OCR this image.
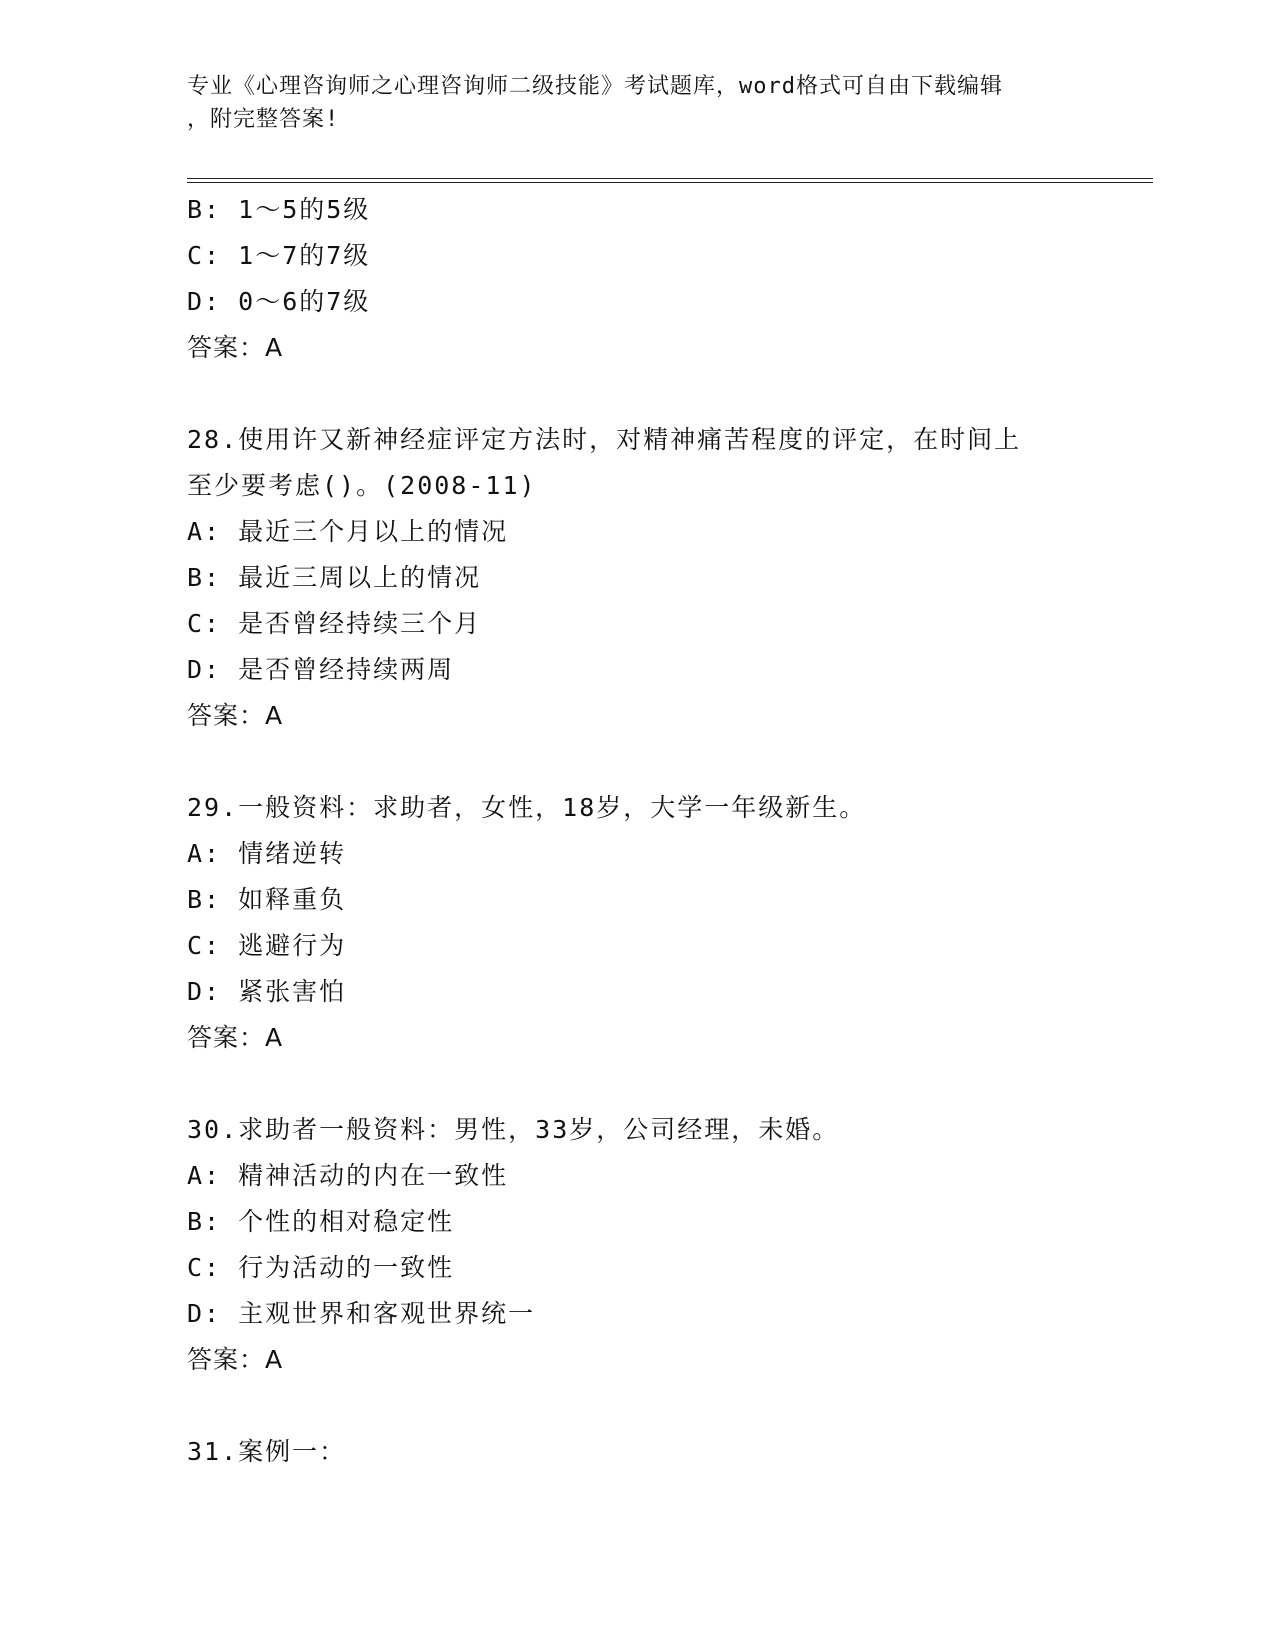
专业《心理咨询师之心理咨询师二级技能》考试题库，word格式可自由下载编辑
，附完整答案!
B: 1～5的5级
C: 1～7的7级
D: 0～6的7级
答案：A
28.使用许又新神经症评定方法时，对精神痛苦程度的评定，在时间上
至少要考虑()。(2008-11)
A: 最近三个月以上的情况
B: 最近三周以上的情况
C: 是否曾经持续三个月
D: 是否曾经持续两周
答案：A
29.一般资料：求助者，女性，18岁，大学一年级新生。
A: 情绪逆转
B: 如释重负
C: 逃避行为
D: 紧张害怕
答案：A
30.求助者一般资料：男性，33岁，公司经理，未婚。
A: 精神活动的内在一致性
B: 个性的相对稳定性
C: 行为活动的一致性
D: 主观世界和客观世界统一
答案：A
31.案例一：
